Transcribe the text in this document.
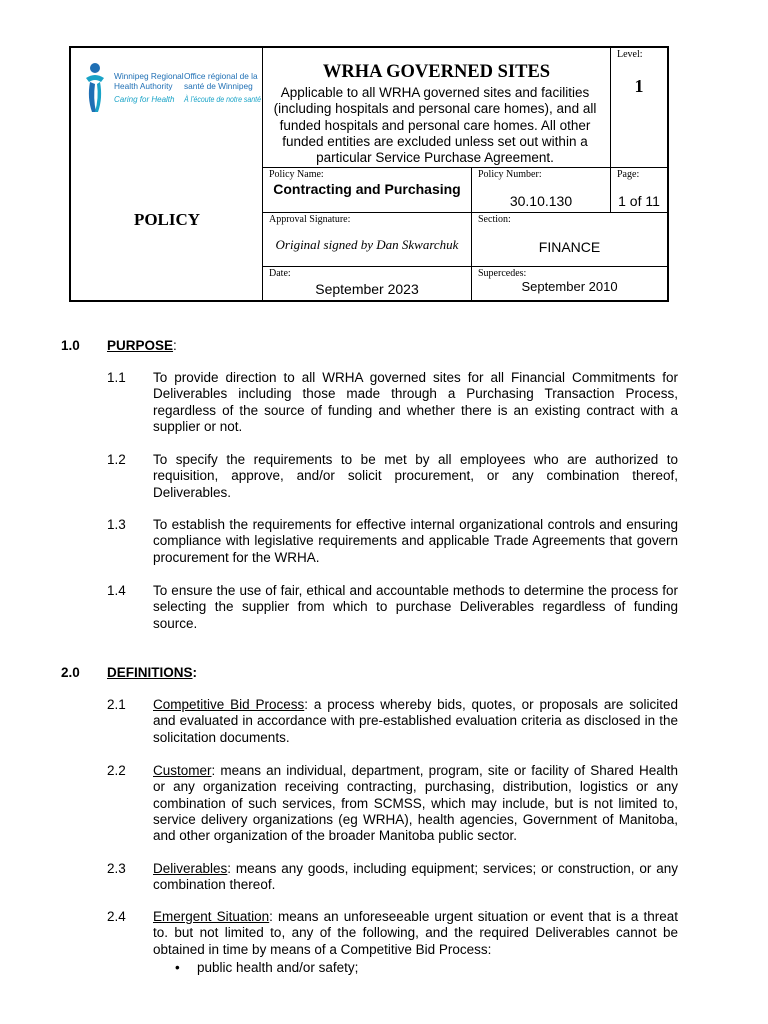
Winnipeg Regional
Health Authority
Caring for Health
Office régional de la
santé de Winnipeg
À l'écoute de notre santé
POLICY
WRHA GOVERNED SITES
Applicable to all WRHA governed sites and facilities (including hospitals and personal care homes), and all funded hospitals and personal care homes. All other funded entities are excluded unless set out within a particular Service Purchase Agreement.
Level:
1
Policy Name:
Contracting and Purchasing
Policy Number:
30.10.130
Page:
1 of 11
Approval Signature:
Original signed by Dan Skwarchuk
Section:
FINANCE
Date:
September 2023
Supercedes:
September 2010
1.0 PURPOSE:
1.1 To provide direction to all WRHA governed sites for all Financial Commitments for Deliverables including those made through a Purchasing Transaction Process, regardless of the source of funding and whether there is an existing contract with a supplier or not.
1.2 To specify the requirements to be met by all employees who are authorized to requisition, approve, and/or solicit procurement, or any combination thereof, Deliverables.
1.3 To establish the requirements for effective internal organizational controls and ensuring compliance with legislative requirements and applicable Trade Agreements that govern procurement for the WRHA.
1.4 To ensure the use of fair, ethical and accountable methods to determine the process for selecting the supplier from which to purchase Deliverables regardless of funding source.
2.0 DEFINITIONS:
2.1 Competitive Bid Process: a process whereby bids, quotes, or proposals are solicited and evaluated in accordance with pre-established evaluation criteria as disclosed in the solicitation documents.
2.2 Customer: means an individual, department, program, site or facility of Shared Health or any organization receiving contracting, purchasing, distribution, logistics or any combination of such services, from SCMSS, which may include, but is not limited to, service delivery organizations (eg WRHA), health agencies, Government of Manitoba, and other organization of the broader Manitoba public sector.
2.3 Deliverables: means any goods, including equipment; services; or construction, or any combination thereof.
2.4 Emergent Situation: means an unforeseeable urgent situation or event that is a threat to. but not limited to, any of the following, and the required Deliverables cannot be obtained in time by means of a Competitive Bid Process:
• public health and/or safety;
